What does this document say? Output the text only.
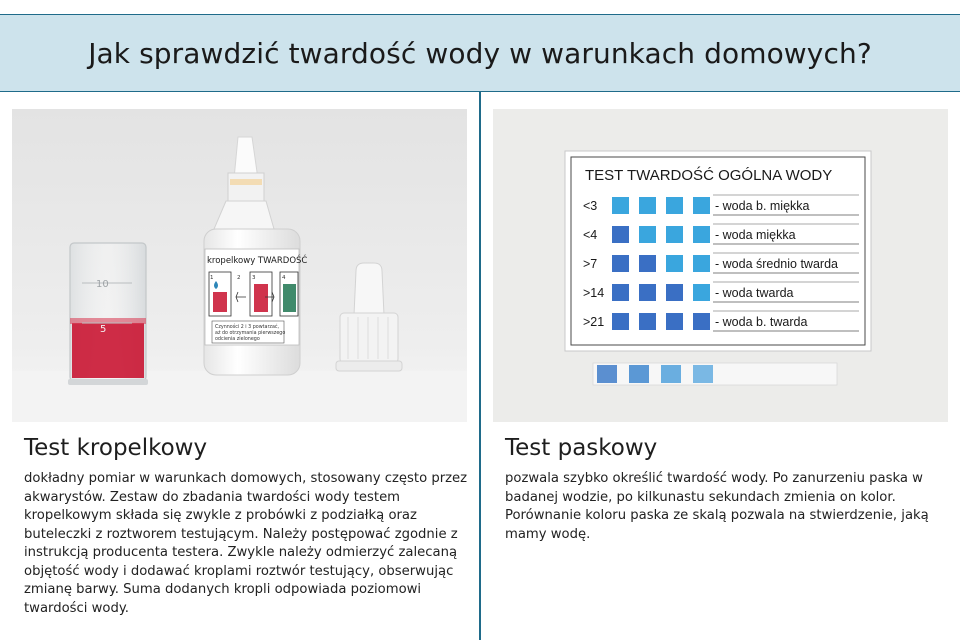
Jak sprawdzić twardość wody w warunkach domowych?
10
5
kropelkowy TWARDOŚĆ
1	2 3	4
Czynności 2 i 3 powtarzać,
aż do otrzymania pierwszego
odcienia zielonego
Test kropelkowy

dokładny pomiar w warunkach domowych, stosowany często przez akwarystów. Zestaw do zbadania twardości wody testem kropelkowym składa się zwykle z probówki z podziałką oraz buteleczki z roztworem testującym. Należy postępować zgodnie z instrukcją producenta testera. Zwykle należy odmierzyć zalecaną objętość wody i dodawać kroplami roztwór testujący, obserwując zmianę barwy. Suma dodanych kropli odpowiada poziomowi twardości wody.

TEST TWARDOŚĆ OGÓLNA WODY
<3	- woda b. miękka
<4	- woda miękka
>7	- woda średnio twarda
>14	- woda twarda
>21	- woda b. twarda
Test paskowy

pozwala szybko określić twardość wody. Po zanurzeniu paska w badanej wodzie, po kilkunastu sekundach zmienia on kolor. Porównanie koloru paska ze skalą pozwala na stwierdzenie, jaką mamy wodę.
